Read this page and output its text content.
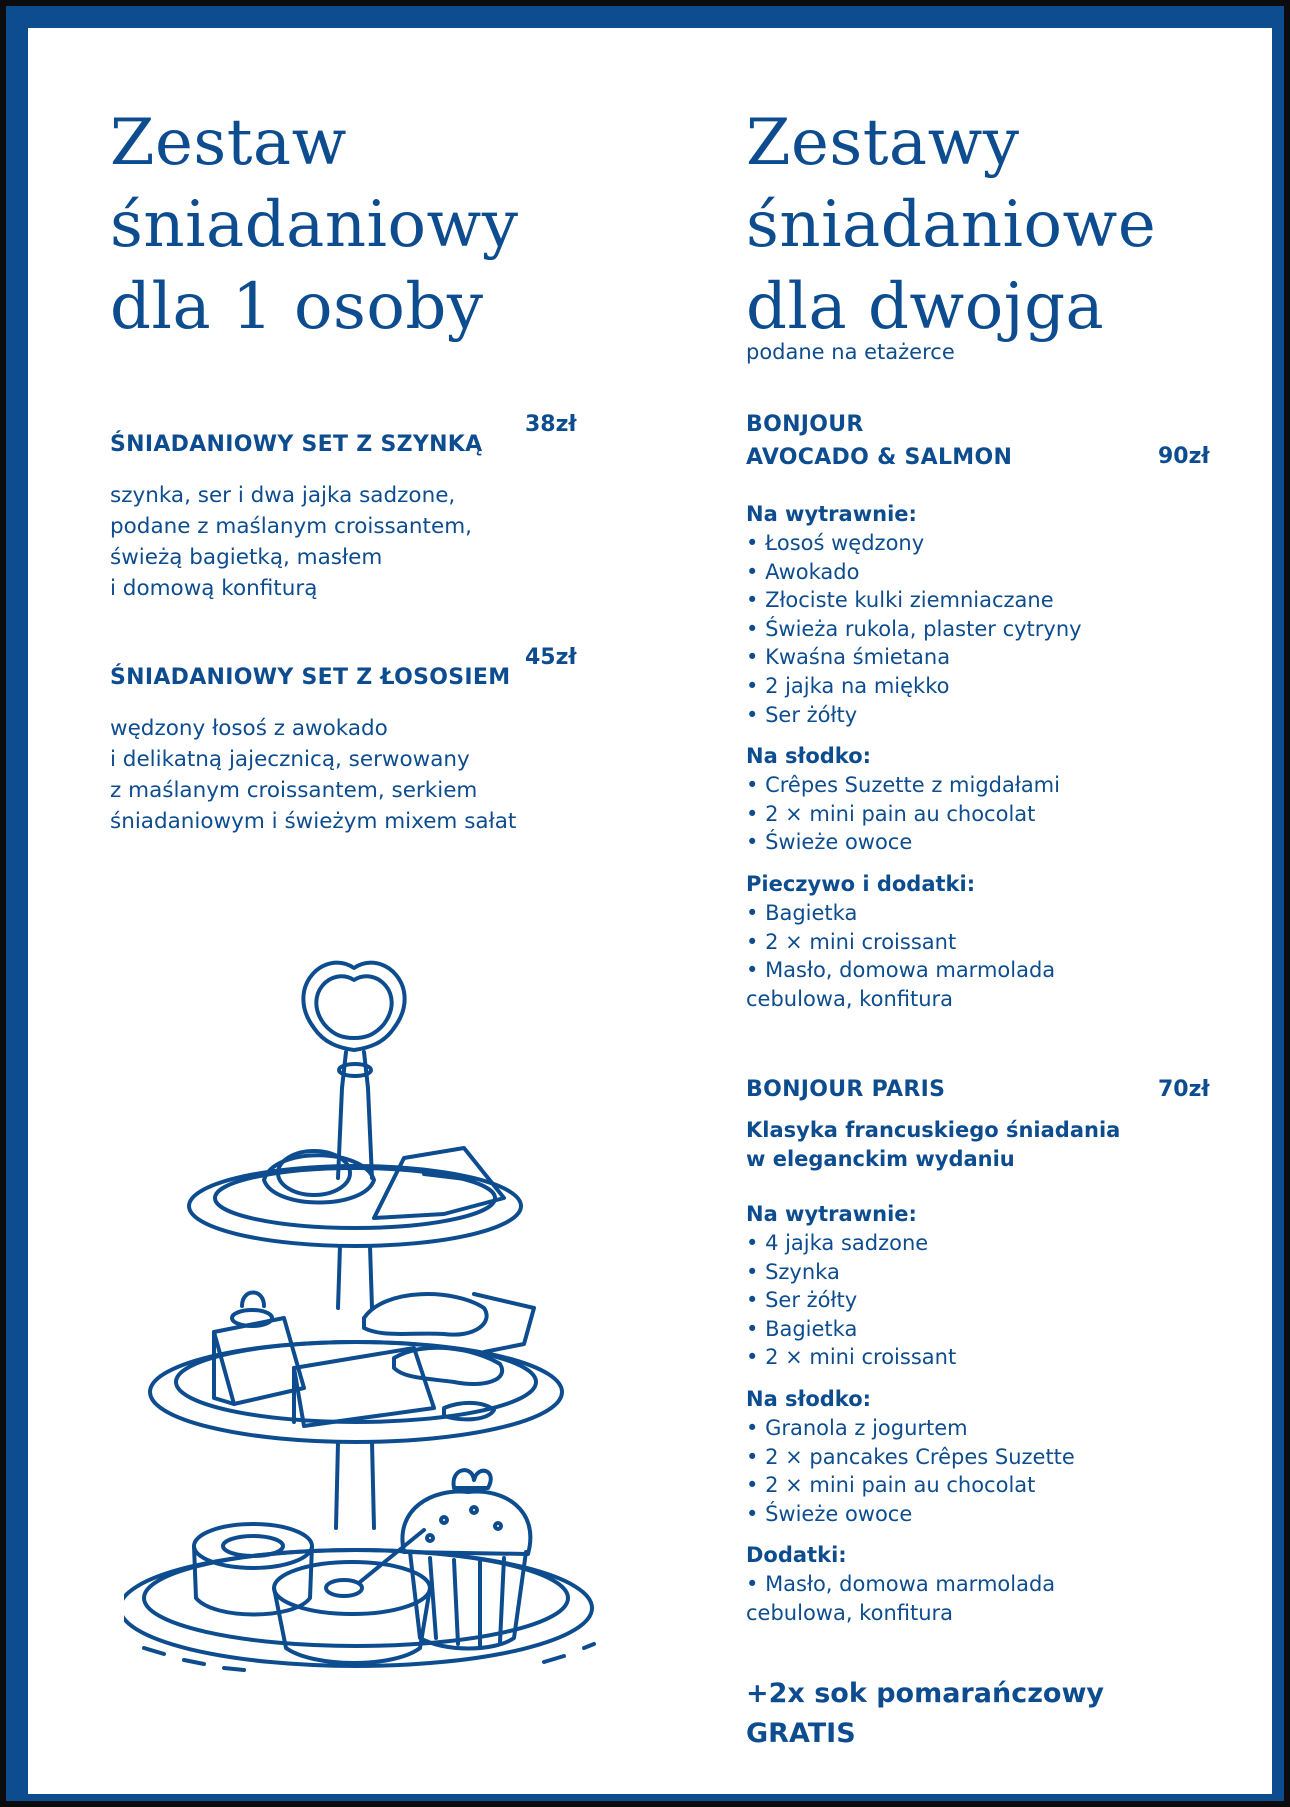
Zestaw
śniadaniowy
dla 1 osoby
ŚNIADANIOWY SET Z SZYNKĄ
38zł
szynka, ser i dwa jajka sadzone,
podane z maślanym croissantem,
świeżą bagietką, masłem
i domową konfiturą
ŚNIADANIOWY SET Z ŁOSOSIEM
45zł
wędzony łosoś z awokado
i delikatną jajecznicą, serwowany
z maślanym croissantem, serkiem
śniadaniowym i świeżym mixem sałat
Zestawy
śniadaniowe
dla dwojga

podane na etażerce

BONJOUR
AVOCADO & SALMON	90zł
Na wytrawnie:
• Łosoś wędzony
• Awokado
• Złociste kulki ziemniaczane
• Świeża rukola, plaster cytryny
• Kwaśna śmietana
• 2 jajka na miękko
• Ser żółty
Na słodko:
• Crêpes Suzette z migdałami
• 2 × mini pain au chocolat
• Świeże owoce
Pieczywo i dodatki:
• Bagietka
• 2 × mini croissant
• Masło, domowa marmolada
cebulowa, konfitura
BONJOUR PARIS	70zł
Klasyka francuskiego śniadania
w eleganckim wydaniu
Na wytrawnie:
• 4 jajka sadzone
• Szynka
• Ser żółty
• Bagietka
• 2 × mini croissant
Na słodko:
• Granola z jogurtem
• 2 × pancakes Crêpes Suzette
• 2 × mini pain au chocolat
• Świeże owoce
Dodatki:
• Masło, domowa marmolada
cebulowa, konfitura
+2x sok pomarańczowy
GRATIS
